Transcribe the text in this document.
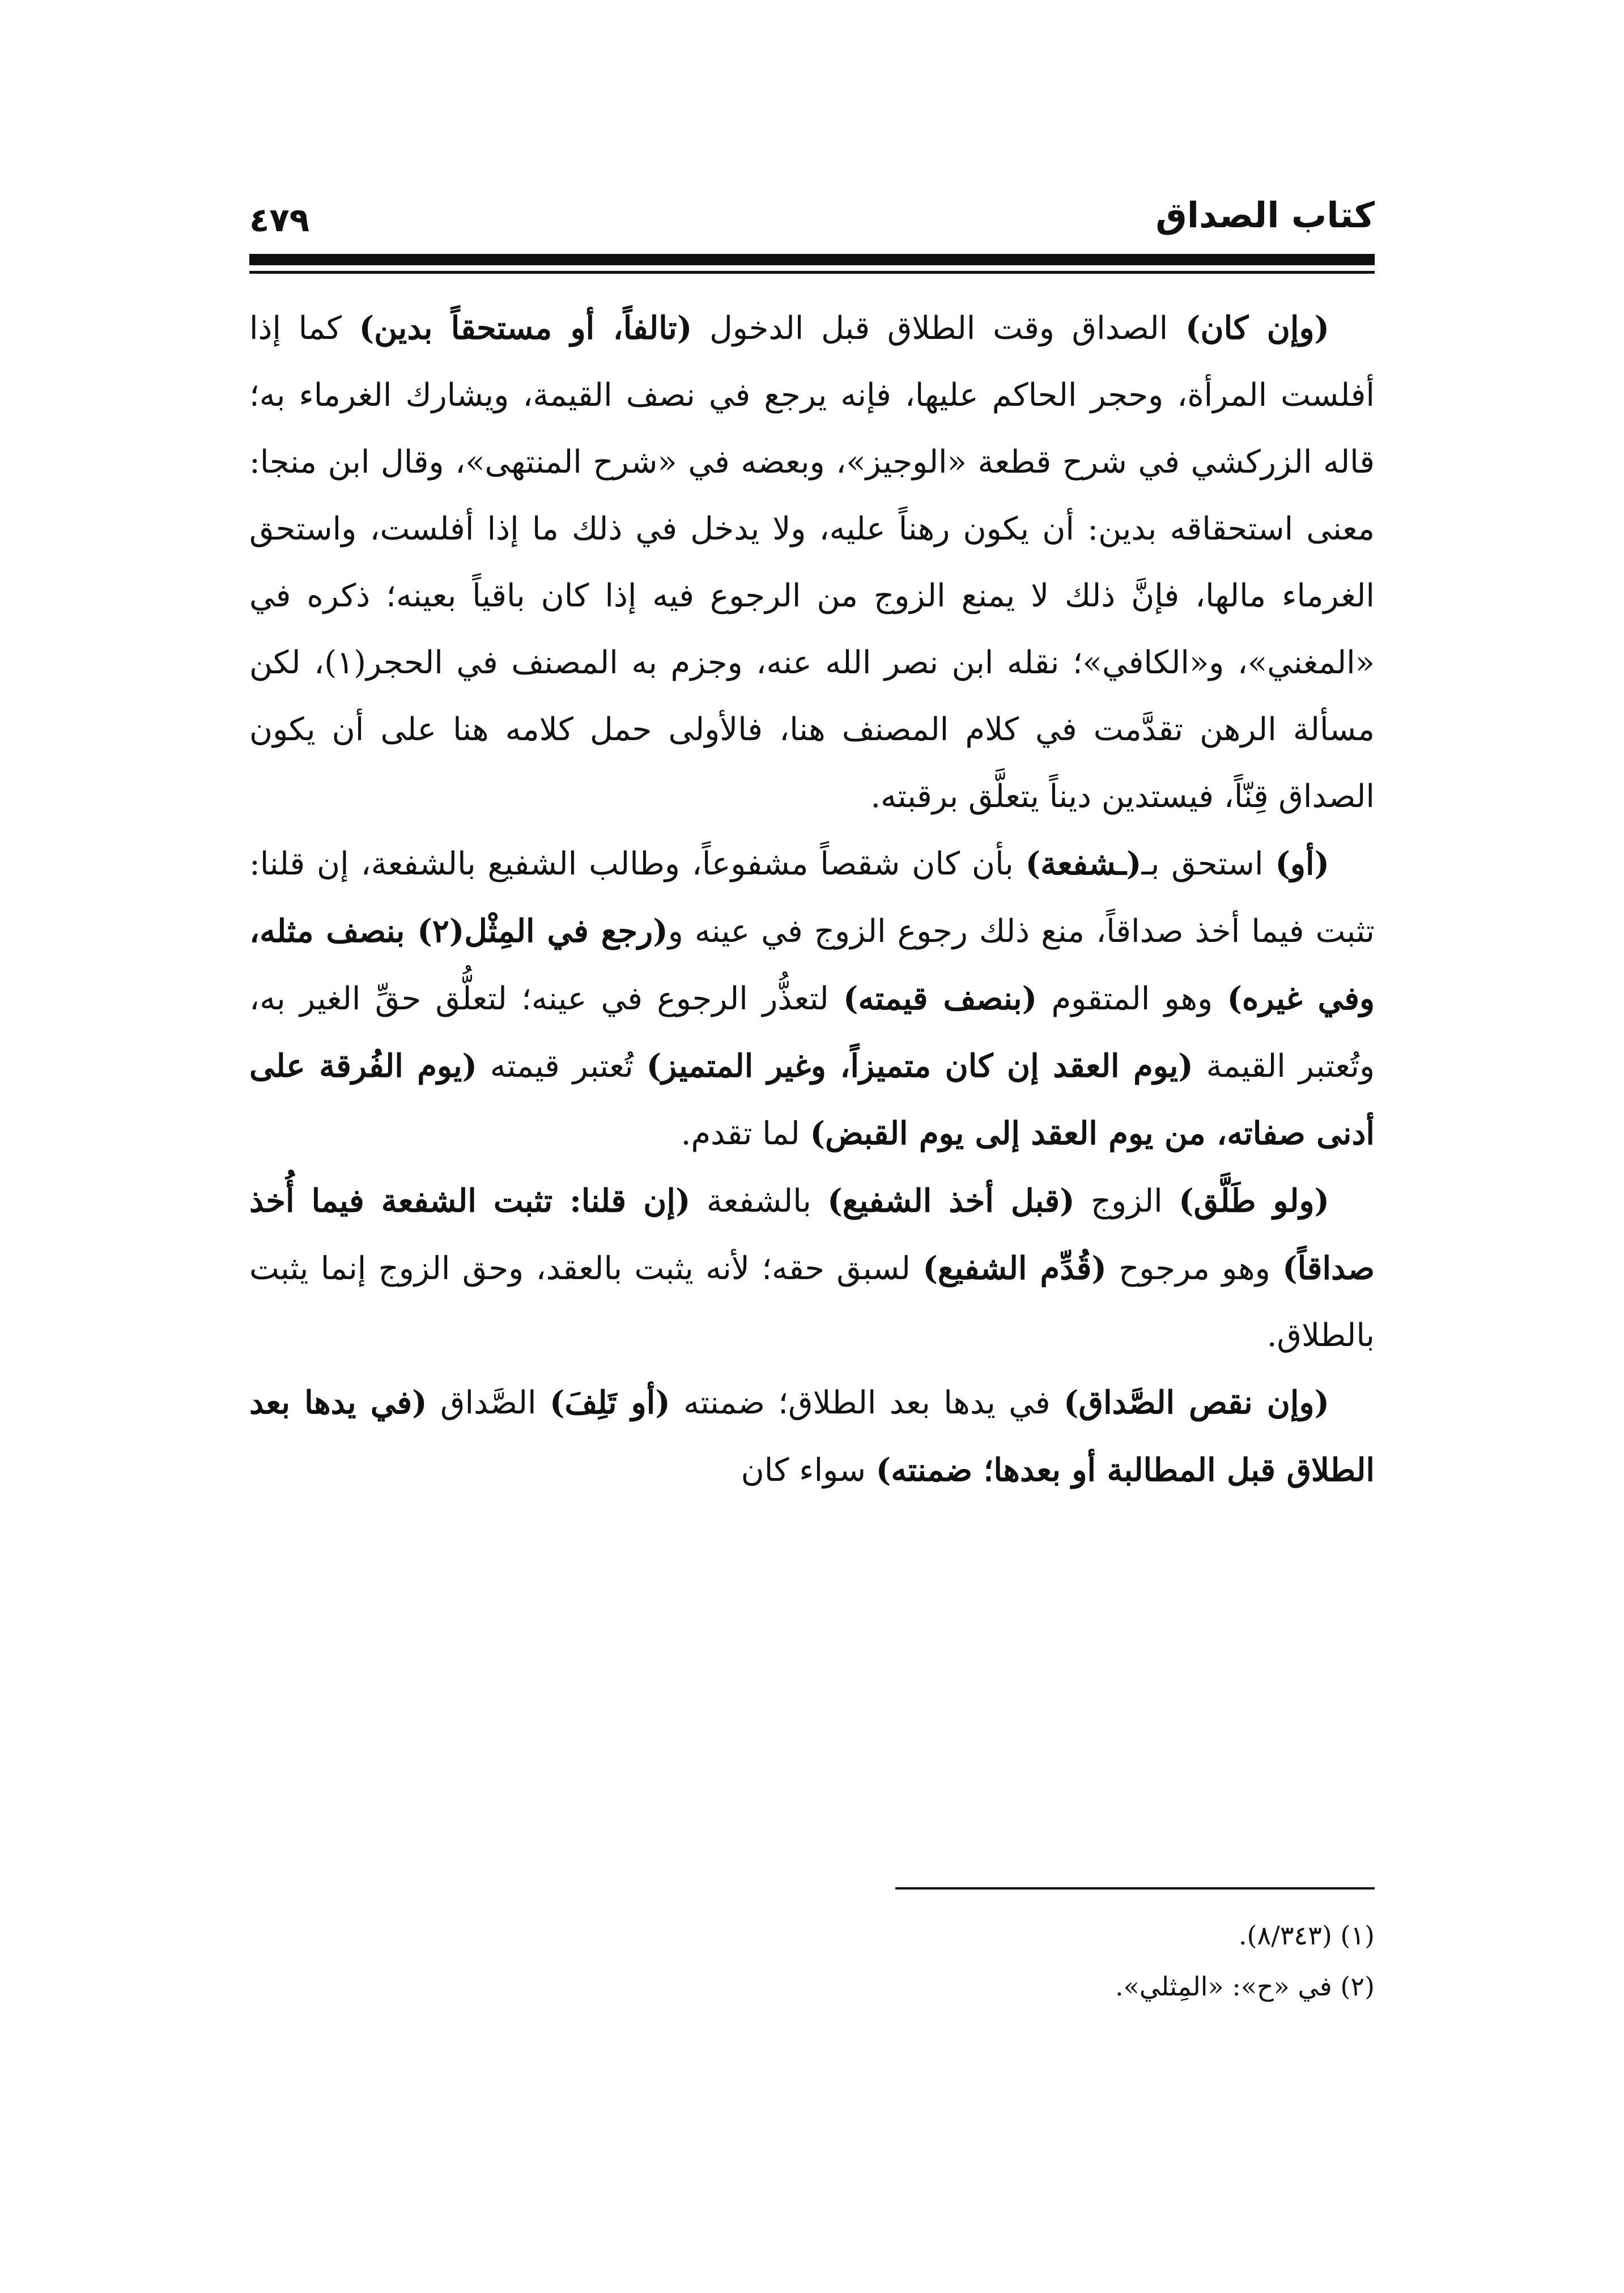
كتاب الصداق
٤٧٩

(وإن كان) الصداق وقت الطلاق قبل الدخول (تالفاً، أو مستحقاً بدين) كما إذا أفلست المرأة، وحجر الحاكم عليها، فإنه يرجع في نصف القيمة، ويشارك الغرماء به؛ قاله الزركشي في شرح قطعة «الوجيز»، وبعضه في «شرح المنتهى»، وقال ابن منجا: معنى استحقاقه بدين: أن يكون رهناً عليه، ولا يدخل في ذلك ما إذا أفلست، واستحق الغرماء مالها، فإنَّ ذلك لا يمنع الزوج من الرجوع فيه إذا كان باقياً بعينه؛ ذكره في «المغني»، و«الكافي»؛ نقله ابن نصر الله عنه، وجزم به المصنف في الحجر(١)، لكن مسألة الرهن تقدَّمت في كلام المصنف هنا، فالأولى حمل كلامه هنا على أن يكون الصداق قِنّاً، فيستدين ديناً يتعلَّق برقبته.

(أو) استحق بـ(ـشفعة) بأن كان شقصاً مشفوعاً، وطالب الشفيع بالشفعة، إن قلنا: تثبت فيما أخذ صداقاً، منع ذلك رجوع الزوج في عينه و(رجع في المِثْل(٢) بنصف مثله، وفي غيره) وهو المتقوم (بنصف قيمته) لتعذُّر الرجوع في عينه؛ لتعلُّق حقِّ الغير به، وتُعتبر القيمة (يوم العقد إن كان متميزاً، وغير المتميز) تُعتبر قيمته (يوم الفُرقة على أدنى صفاته، من يوم العقد إلى يوم القبض) لما تقدم.

(ولو طَلَّق) الزوج (قبل أخذ الشفيع) بالشفعة (إن قلنا: تثبت الشفعة فيما أُخذ صداقاً) وهو مرجوح (قُدِّم الشفيع) لسبق حقه؛ لأنه يثبت بالعقد، وحق الزوج إنما يثبت بالطلاق.

(وإن نقص الصَّداق) في يدها بعد الطلاق؛ ضمنته (أو تَلِفَ) الصَّداق (في يدها بعد الطلاق قبل المطالبة أو بعدها؛ ضمنته) سواء كان

(١) (٨/٣٤٣).

(٢) في «ح»: «المِثلي».
